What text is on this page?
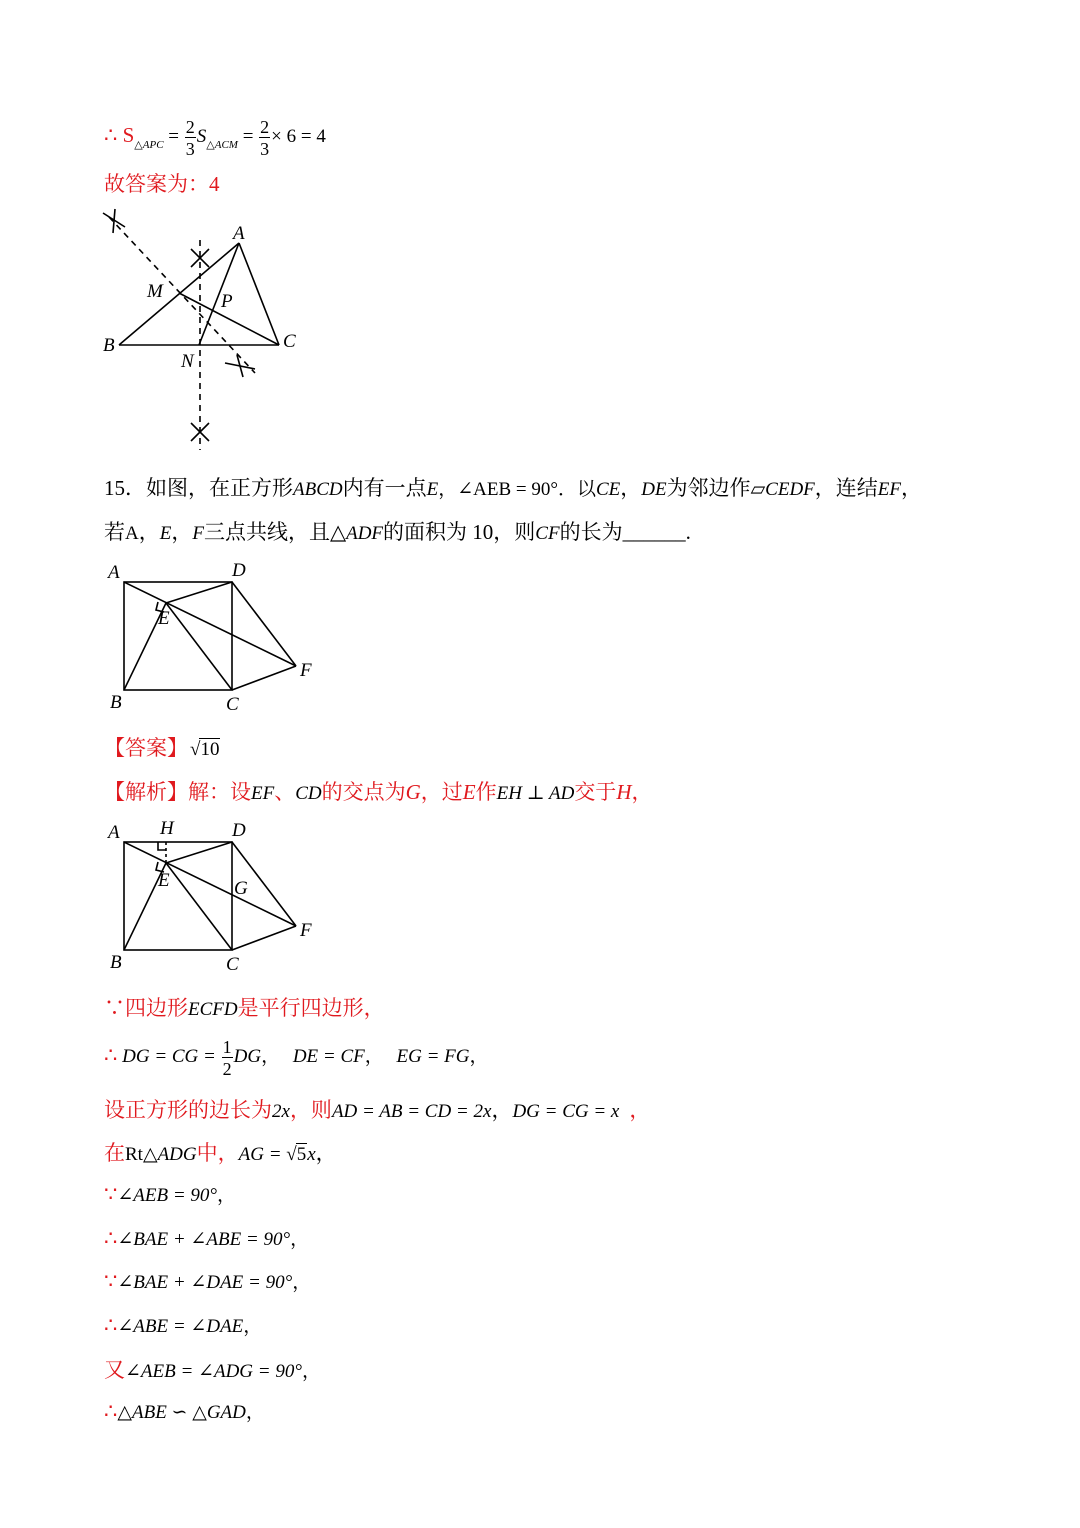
∴ $S_{\triangle APC} = \frac{2}{3} S_{\triangle ACM} = \frac{2}{3} \times 6 = 4$
故答案为：4
A
M	P
B
N
C
15．如图，在正方形ABCD内有一点E，∠AEB = 90°．以CE，DE为邻边作▱CEDF，连结EF，
若A，E，F三点共线，且△ADF的面积为 10，则CF的长为______.
A	D
E
F
B	C
【答案】 √10
【解析】解：设EF、CD的交点为G，过E作EH ⊥ AD交于H，
A H	D
E	G
F
B	C
∵四边形ECFD是平行四边形，
∴ DG = CG = $\frac{1}{2}$ DG， DE = CF， EG = FG，
设正方形的边长为2x，则AD = AB = CD = 2x，DG = CG = x ，
在Rt△ADG中，AG = √5x，
∵∠AEB = 90°，
∴∠BAE + ∠ABE = 90°，
∵∠BAE + ∠DAE = 90°，
∴∠ABE = ∠DAE，
又∠AEB = ∠ADG = 90°，
∴△ABE ∽ △GAD，
